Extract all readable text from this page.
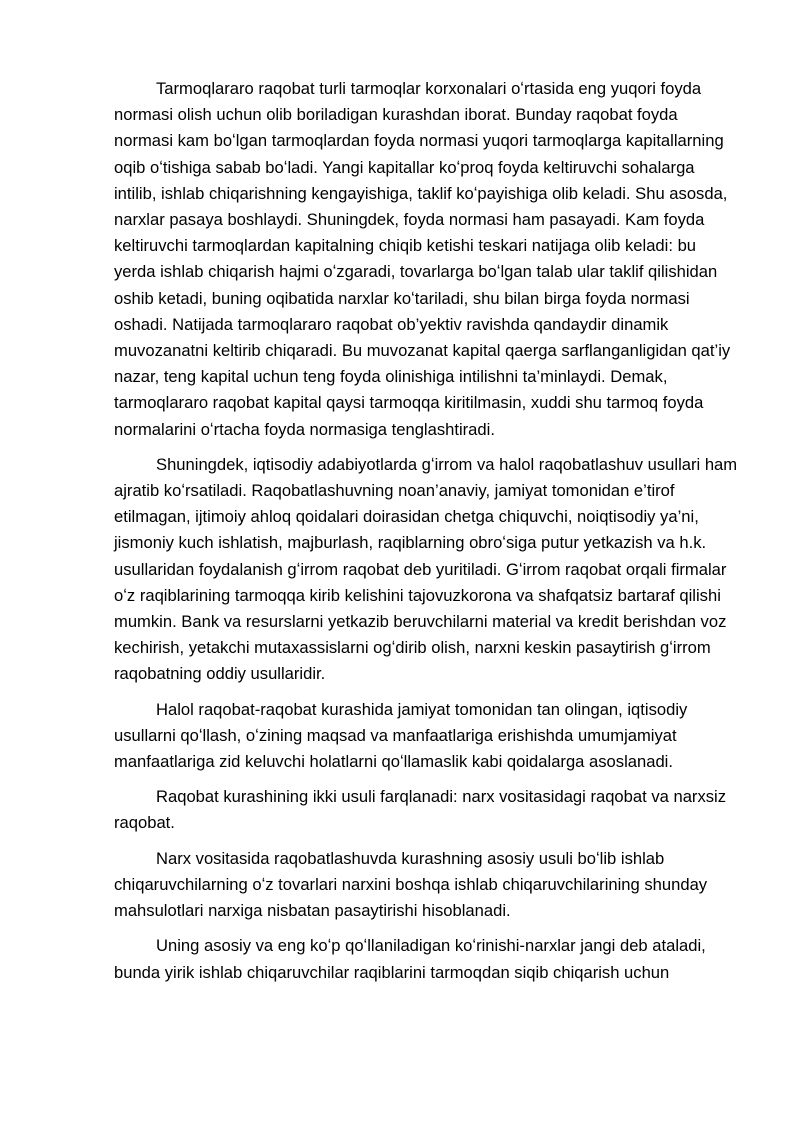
Tarmoqlararo raqobat turli tarmoqlar korxonalari oʻrtasida eng yuqori foyda normasi olish uchun olib boriladigan kurashdan iborat. Bunday raqobat foyda normasi kam boʻlgan tarmoqlardan foyda normasi yuqori tarmoqlarga kapitallarning oqib oʻtishiga sabab boʻladi. Yangi kapitallar koʻproq foyda keltiruvchi sohalarga intilib, ishlab chiqarishning kengayishiga, taklif koʻpayishiga olib keladi. Shu asosda, narxlar pasaya boshlaydi. Shuningdek, foyda normasi ham pasayadi. Kam foyda keltiruvchi tarmoqlardan kapitalning chiqib ketishi teskari natijaga olib keladi: bu yerda ishlab chiqarish hajmi oʻzgaradi, tovarlarga boʻlgan talab ular taklif qilishidan oshib ketadi, buning oqibatida narxlar koʻtariladi, shu bilan birga foyda normasi oshadi. Natijada tarmoqlararo raqobat ob’yektiv ravishda qandaydir dinamik muvozanatni keltirib chiqaradi. Bu muvozanat kapital qaerga sarflanganligidan qat’iy nazar, teng kapital uchun teng foyda olinishiga intilishni ta’minlaydi. Demak, tarmoqlararo raqobat kapital qaysi tarmoqqa kiritilmasin, xuddi shu tarmoq foyda normalarini oʻrtacha foyda normasiga tenglashtiradi.

Shuningdek, iqtisodiy adabiyotlarda gʻirrom va halol raqobatlashuv usullari ham ajratib koʻrsatiladi. Raqobatlashuvning noan’anaviy, jamiyat tomonidan e’tirof etilmagan, ijtimoiy ahloq qoidalari doirasidan chetga chiquvchi, noiqtisodiy ya’ni, jismoniy kuch ishlatish, majburlash, raqiblarning obroʻsiga putur yetkazish va h.k. usullaridan foydalanish gʻirrom raqobat deb yuritiladi. Gʻirrom raqobat orqali firmalar oʻz raqiblarining tarmoqqa kirib kelishini tajovuzkorona va shafqatsiz bartaraf qilishi mumkin. Bank va resurslarni yetkazib beruvchilarni material va kredit berishdan voz kechirish, yetakchi mutaxassislarni ogʻdirib olish, narxni keskin pasaytirish gʻirrom raqobatning oddiy usullaridir.

Halol raqobat-raqobat kurashida jamiyat tomonidan tan olingan, iqtisodiy usullarni qoʻllash, oʻzining maqsad va manfaatlariga erishishda umumjamiyat manfaatlariga zid keluvchi holatlarni qoʻllamaslik kabi qoidalarga asoslanadi.

Raqobat kurashining ikki usuli farqlanadi: narx vositasidagi raqobat va narxsiz raqobat.

Narx vositasida raqobatlashuvda kurashning asosiy usuli boʻlib ishlab chiqaruvchilarning oʻz tovarlari narxini boshqa ishlab chiqaruvchilarining shunday mahsulotlari narxiga nisbatan pasaytirishi hisoblanadi.

Uning asosiy va eng koʻp qoʻllaniladigan koʻrinishi-narxlar jangi deb ataladi, bunda yirik ishlab chiqaruvchilar raqiblarini tarmoqdan siqib chiqarish uchun
